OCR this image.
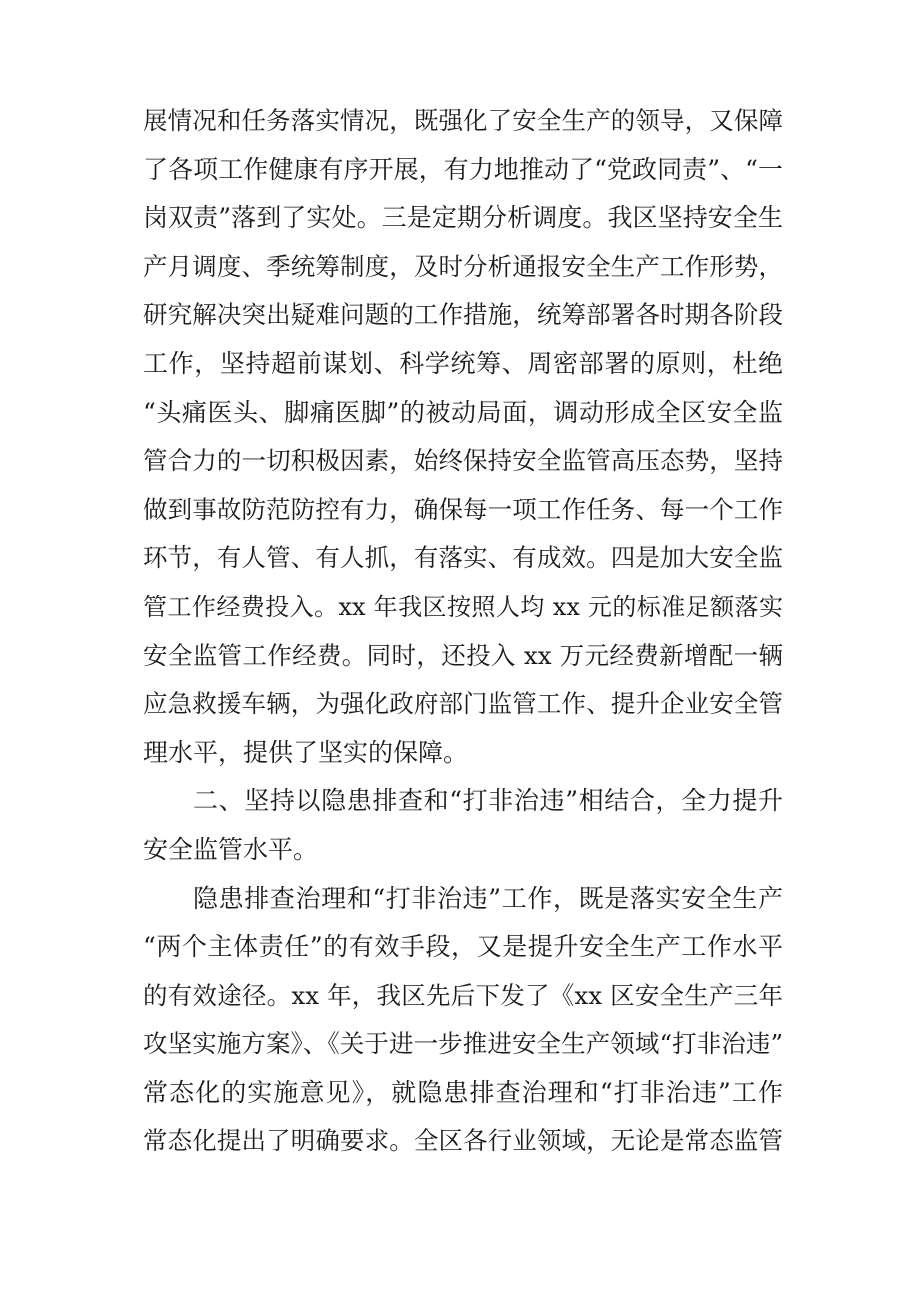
展情况和任务落实情况，既强化了安全生产的领导，又保障
了各项工作健康有序开展，有力地推动了“党政同责”、“一
岗双责”落到了实处。三是定期分析调度。我区坚持安全生
产月调度、季统筹制度，及时分析通报安全生产工作形势，
研究解决突出疑难问题的工作措施，统筹部署各时期各阶段
工作，坚持超前谋划、科学统筹、周密部署的原则，杜绝
“头痛医头、脚痛医脚”的被动局面，调动形成全区安全监
管合力的一切积极因素，始终保持安全监管高压态势，坚持
做到事故防范防控有力，确保每一项工作任务、每一个工作
环节，有人管、有人抓，有落实、有成效。四是加大安全监
管工作经费投入。xx 年我区按照人均 xx 元的标准足额落实
安全监管工作经费。同时，还投入 xx 万元经费新增配一辆
应急救援车辆，为强化政府部门监管工作、提升企业安全管
理水平，提供了坚实的保障。
二、坚持以隐患排查和“打非治违”相结合，全力提升
安全监管水平。
隐患排查治理和“打非治违”工作，既是落实安全生产
“两个主体责任”的有效手段，又是提升安全生产工作水平
的有效途径。xx 年，我区先后下发了《xx 区安全生产三年
攻坚实施方案》、《关于进一步推进安全生产领域“打非治违”
常态化的实施意见》，就隐患排查治理和“打非治违”工作
常态化提出了明确要求。全区各行业领域，无论是常态监管
